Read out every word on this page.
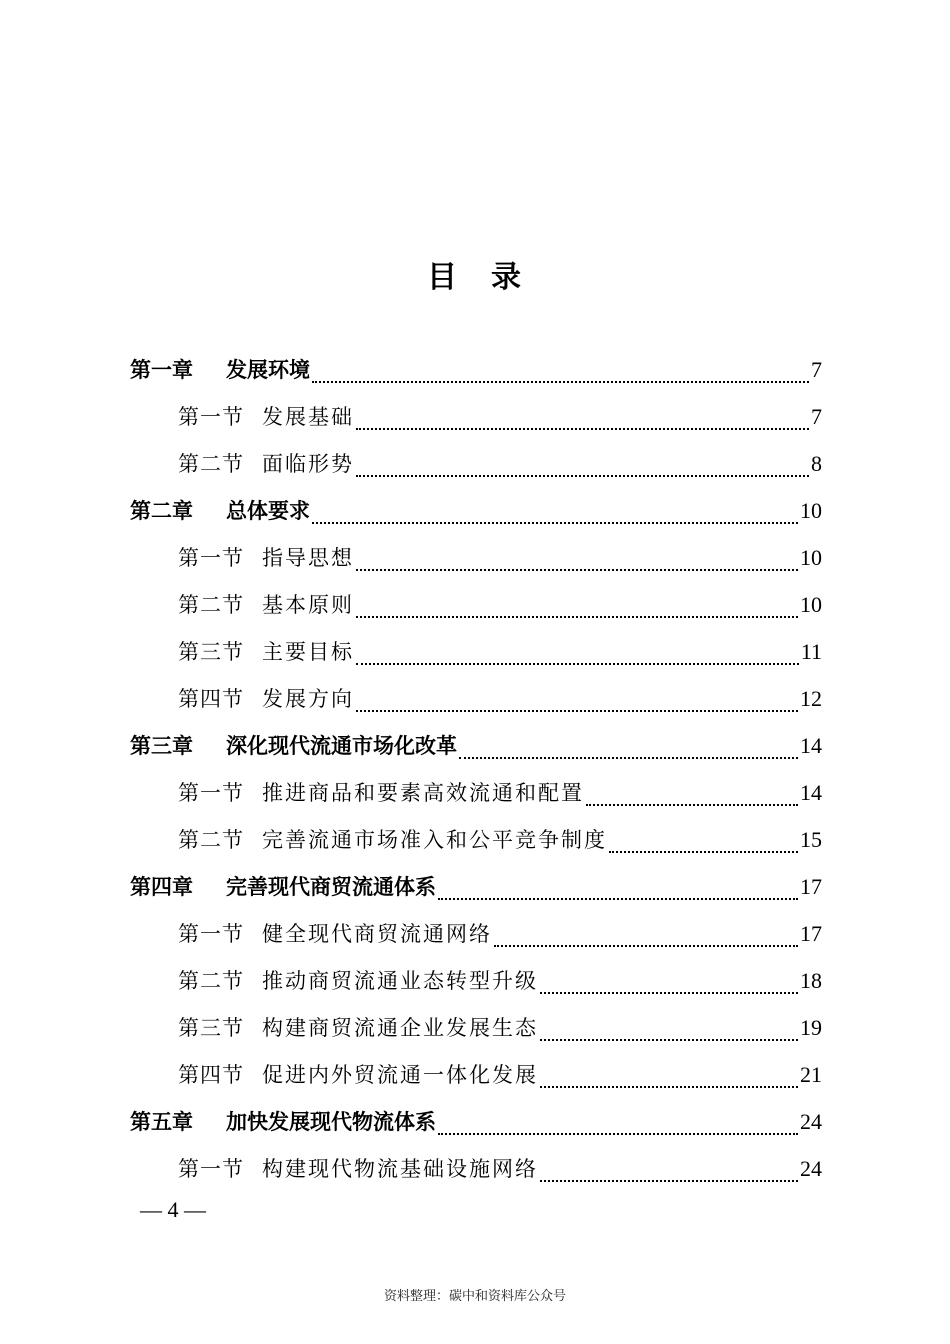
目　录
第一章 发展环境	7
第一节 发展基础	7
第二节 面临形势	8
第二章 总体要求	10
第一节 指导思想	10
第二节 基本原则	10
第三节 主要目标	11
第四节 发展方向	12
第三章 深化现代流通市场化改革	14
第一节 推进商品和要素高效流通和配置	14
第二节 完善流通市场准入和公平竞争制度	15
第四章 完善现代商贸流通体系	17
第一节 健全现代商贸流通网络	17
第二节 推动商贸流通业态转型升级	18
第三节 构建商贸流通企业发展生态	19
第四节 促进内外贸流通一体化发展	21
第五章 加快发展现代物流体系	24
第一节 构建现代物流基础设施网络	24
— 4 —
资料整理：碳中和资料库公众号
